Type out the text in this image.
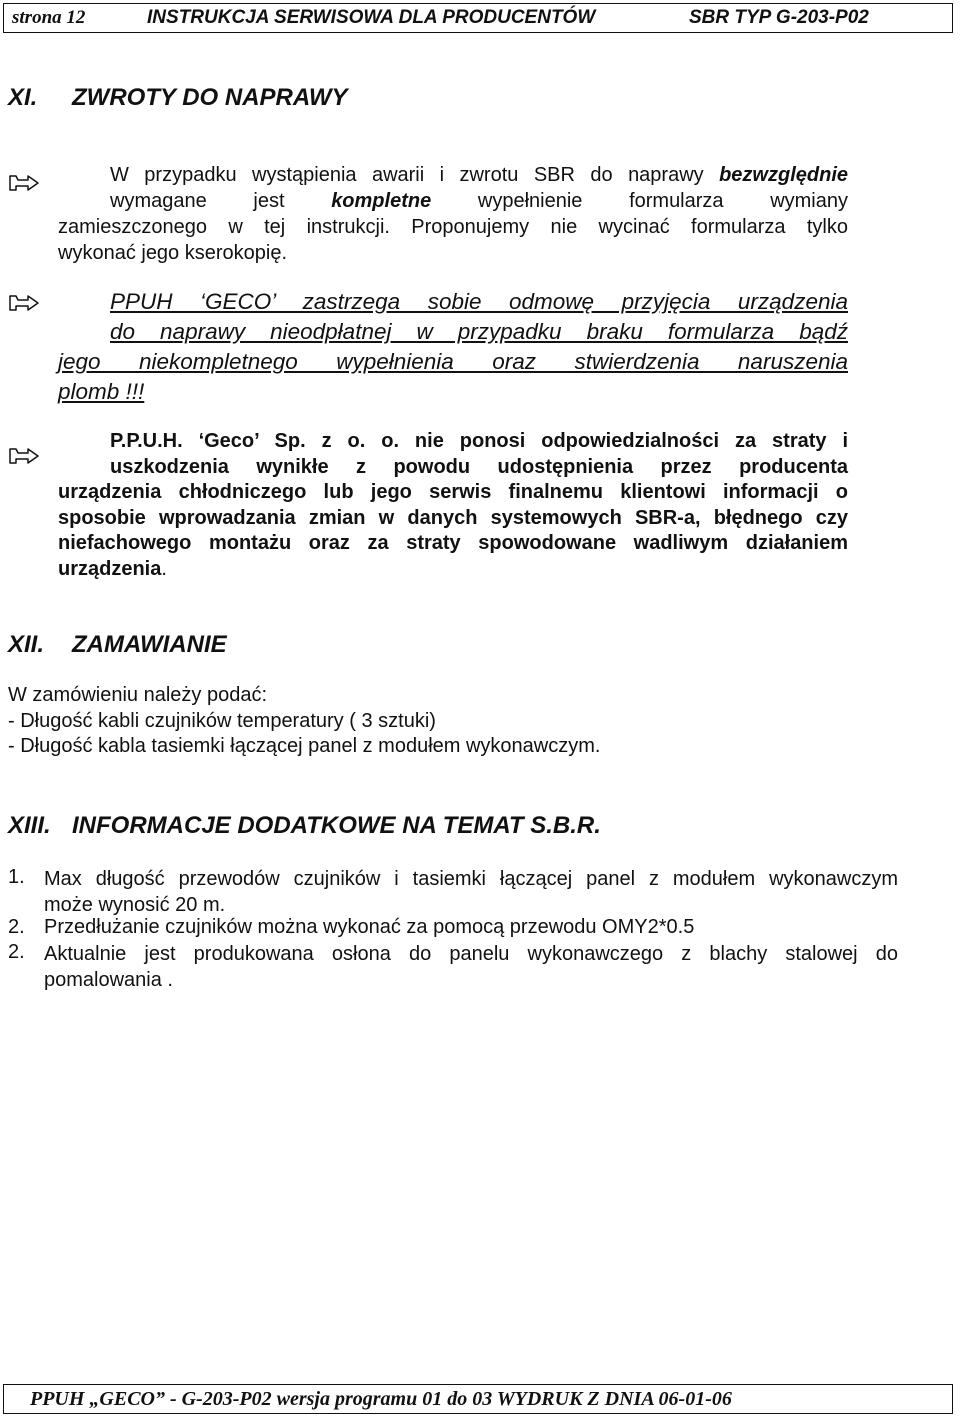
strona 12	INSTRUKCJA SERWISOWA DLA PRODUCENTÓW	SBR TYP G-203-P02
XI. ZWROTY DO NAPRAWY
W przypadku wystąpienia awarii i zwrotu SBR do naprawy bezwzględnie
wymagane jest kompletne wypełnienie formularza wymiany
zamieszczonego w tej instrukcji. Proponujemy nie wycinać formularza tylko
wykonać jego kserokopię.
PPUH ‘GECO’ zastrzega sobie odmowę przyjęcia urządzenia
do naprawy nieodpłatnej w przypadku braku formularza bądź
jego niekompletnego wypełnienia oraz stwierdzenia naruszenia
plomb !!!
P.P.U.H. ‘Geco’ Sp. z o. o. nie ponosi odpowiedzialności za straty i
uszkodzenia wynikłe z powodu udostępnienia przez producenta
urządzenia chłodniczego lub jego serwis finalnemu klientowi informacji o
sposobie wprowadzania zmian w danych systemowych SBR-a, błędnego czy
niefachowego montażu oraz za straty spowodowane wadliwym działaniem
urządzenia.
XII. ZAMAWIANIE
W zamówieniu należy podać:
- Długość kabli czujników temperatury ( 3 sztuki)
- Długość kabla tasiemki łączącej panel z modułem wykonawczym.
XIII. INFORMACJE DODATKOWE NA TEMAT S.B.R.
1. Max długość przewodów czujników i tasiemki łączącej panel z modułem wykonawczym
może wynosić 20 m.
2. Przedłużanie czujników można wykonać za pomocą przewodu OMY2*0.5
2. Aktualnie jest produkowana osłona do panelu wykonawczego z blachy stalowej do
pomalowania .
PPUH „GECO” - G-203-P02 wersja programu 01 do 03 WYDRUK Z DNIA 06-01-06
